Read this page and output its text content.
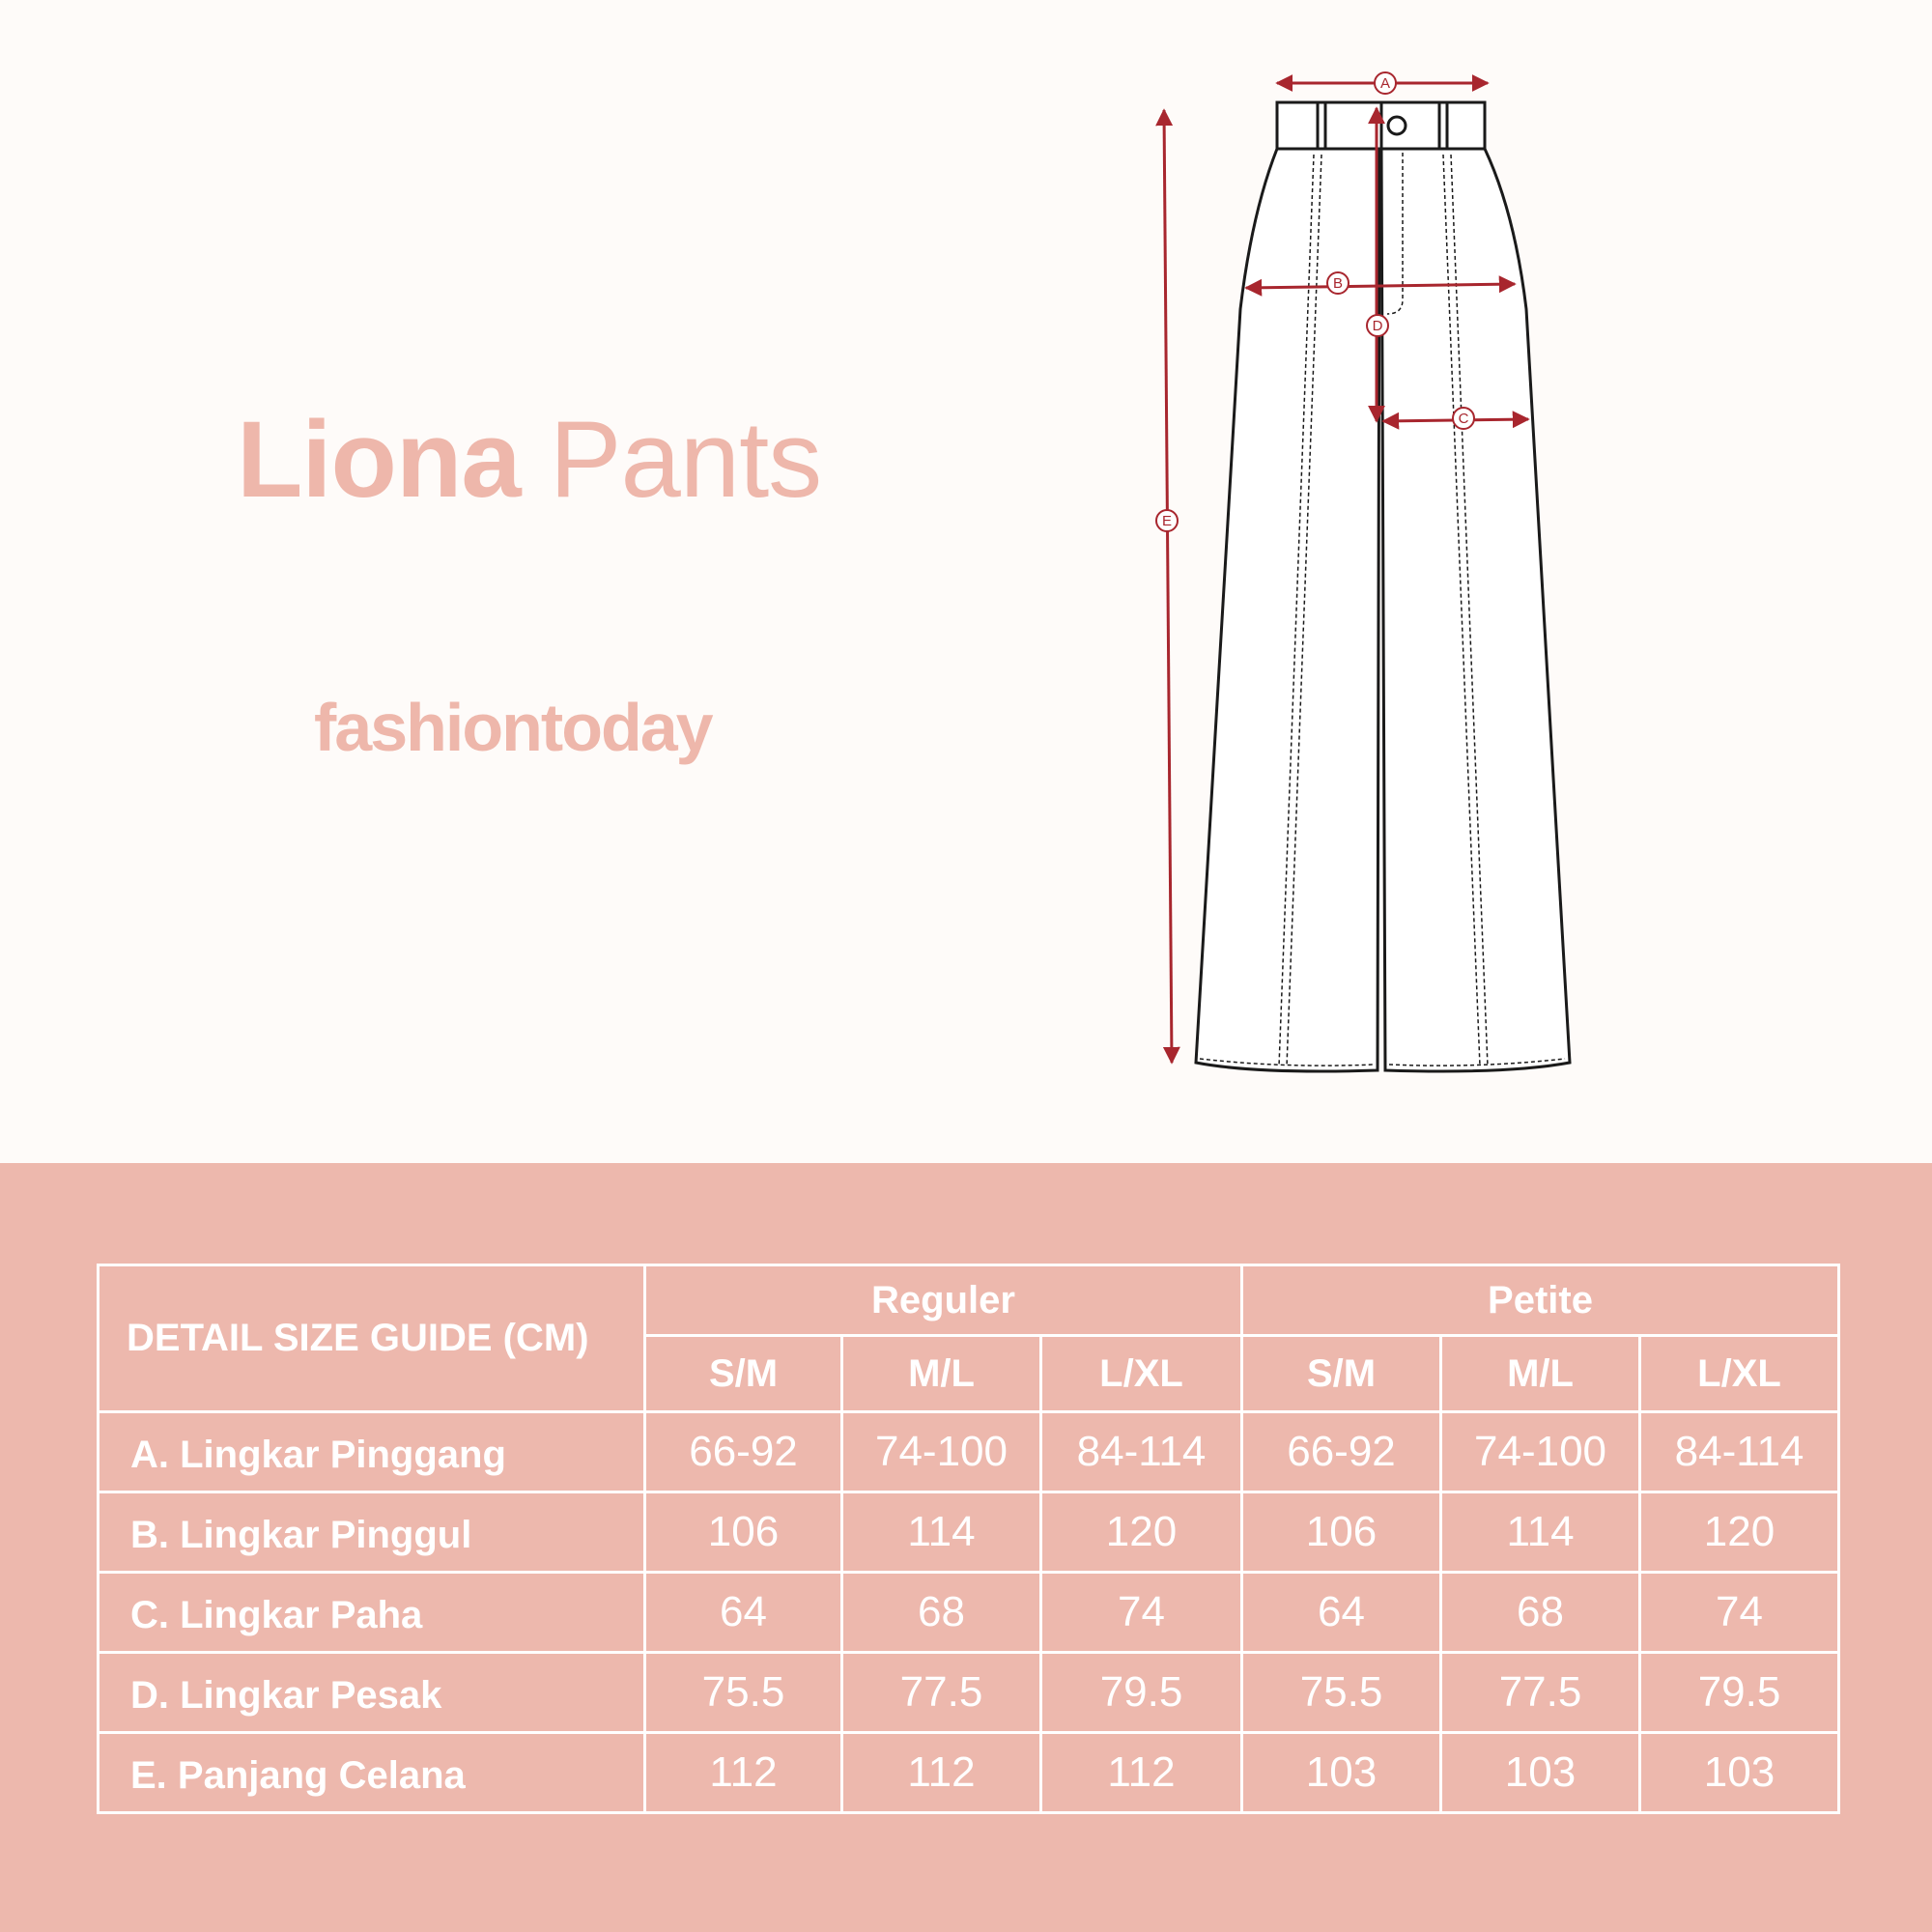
Liona Pants
fashiontoday
A
B
C
D
E
DETAIL SIZE GUIDE (CM)	Reguler			Petite		
	S/M	M/L	L/XL	S/M	M/L	L/XL
A. Lingkar Pinggang	66-92	74-100	84-114	66-92	74-100	84-114
B. Lingkar Pinggul	106	114	120	106	114	120
C. Lingkar Paha	64	68	74	64	68	74
D. Lingkar Pesak	75.5	77.5	79.5	75.5	77.5	79.5
E. Panjang Celana	112	112	112	103	103	103
